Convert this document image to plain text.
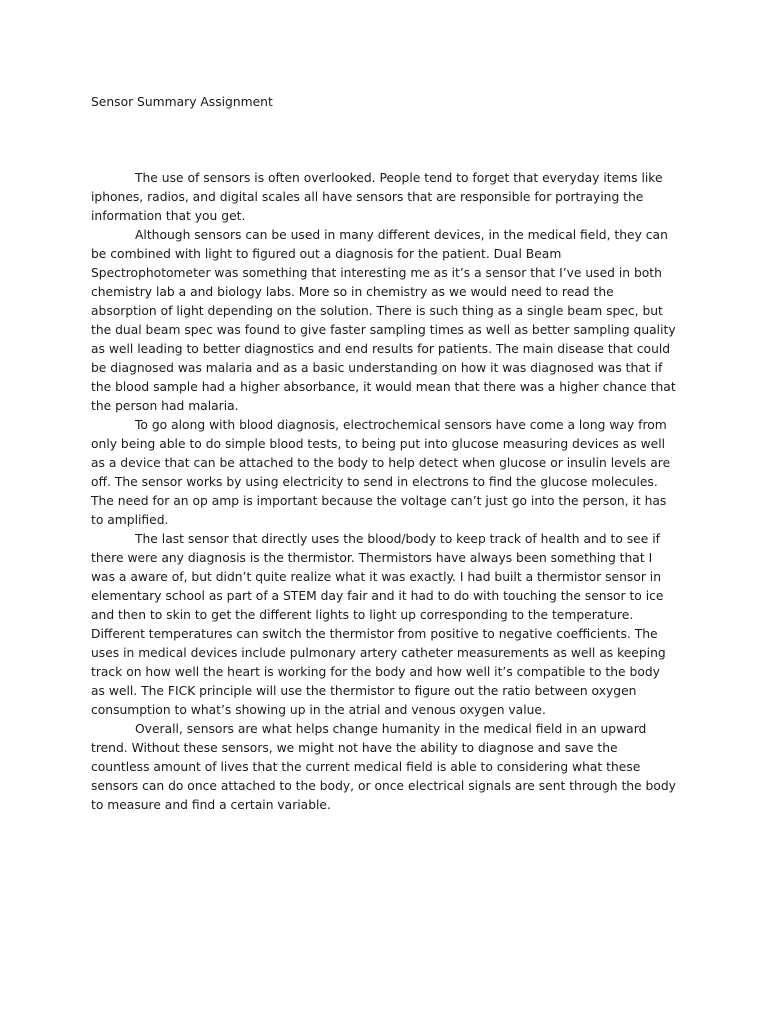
Sensor Summary Assignment

The use of sensors is often overlooked. People tend to forget that everyday items like iphones, radios, and digital scales all have sensors that are responsible for portraying the information that you get.

Although sensors can be used in many different devices, in the medical field, they can be combined with light to figured out a diagnosis for the patient. Dual Beam Spectrophotometer was something that interesting me as it’s a sensor that I’ve used in both chemistry lab a and biology labs. More so in chemistry as we would need to read the absorption of light depending on the solution. There is such thing as a single beam spec, but the dual beam spec was found to give faster sampling times as well as better sampling quality as well leading to better diagnostics and end results for patients. The main disease that could be diagnosed was malaria and as a basic understanding on how it was diagnosed was that if the blood sample had a higher absorbance, it would mean that there was a higher chance that the person had malaria.

To go along with blood diagnosis, electrochemical sensors have come a long way from only being able to do simple blood tests, to being put into glucose measuring devices as well as a device that can be attached to the body to help detect when glucose or insulin levels are off. The sensor works by using electricity to send in electrons to find the glucose molecules. The need for an op amp is important because the voltage can’t just go into the person, it has to amplified.

The last sensor that directly uses the blood/body to keep track of health and to see if there were any diagnosis is the thermistor. Thermistors have always been something that I was a aware of, but didn’t quite realize what it was exactly. I had built a thermistor sensor in elementary school as part of a STEM day fair and it had to do with touching the sensor to ice and then to skin to get the different lights to light up corresponding to the temperature. Different temperatures can switch the thermistor from positive to negative coefficients. The uses in medical devices include pulmonary artery catheter measurements as well as keeping track on how well the heart is working for the body and how well it’s compatible to the body as well. The FICK principle will use the thermistor to figure out the ratio between oxygen consumption to what’s showing up in the atrial and venous oxygen value.

Overall, sensors are what helps change humanity in the medical field in an upward trend. Without these sensors, we might not have the ability to diagnose and save the countless amount of lives that the current medical field is able to considering what these sensors can do once attached to the body, or once electrical signals are sent through the body to measure and find a certain variable.
